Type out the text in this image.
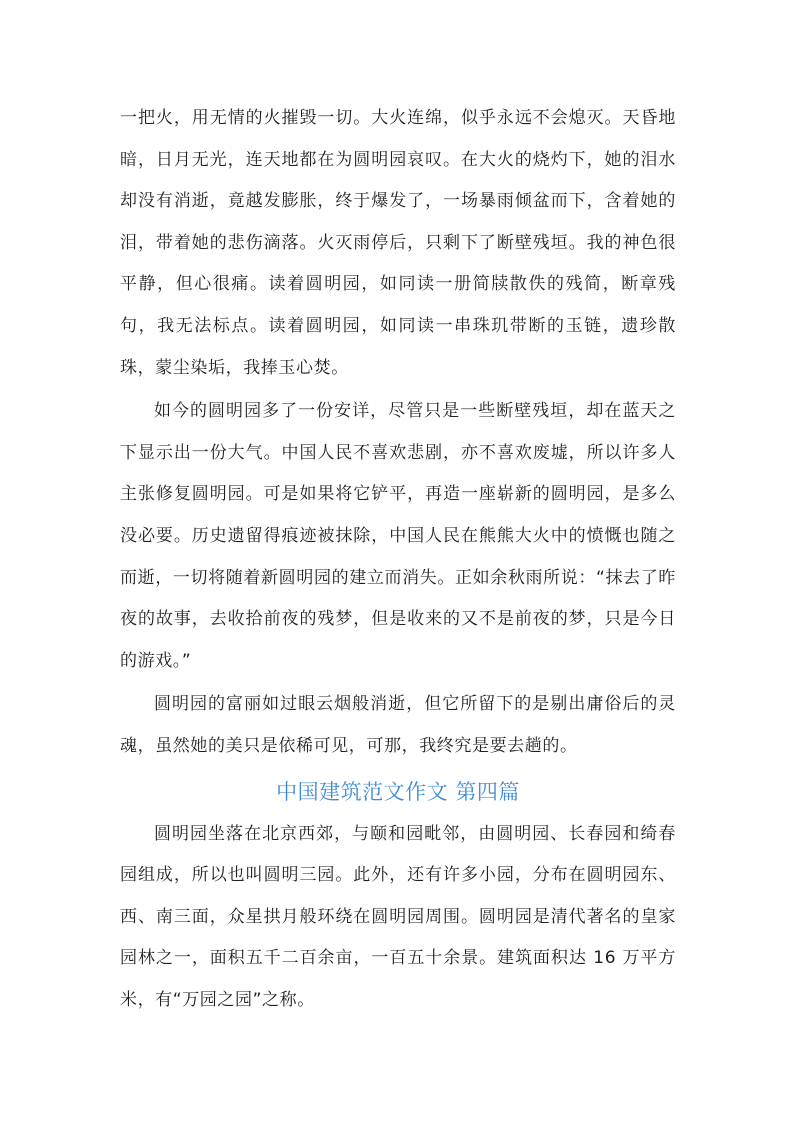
一把火，用无情的火摧毁一切。大火连绵，似乎永远不会熄灭。天昏地暗，日月无光，连天地都在为圆明园哀叹。在大火的烧灼下，她的泪水却没有消逝，竟越发膨胀，终于爆发了，一场暴雨倾盆而下，含着她的泪，带着她的悲伤滴落。火灭雨停后，只剩下了断壁残垣。我的神色很平静，但心很痛。读着圆明园，如同读一册简牍散佚的残简，断章残句，我无法标点。读着圆明园，如同读一串珠玑带断的玉链，遗珍散珠，蒙尘染垢，我捧玉心焚。

如今的圆明园多了一份安详，尽管只是一些断壁残垣，却在蓝天之下显示出一份大气。中国人民不喜欢悲剧，亦不喜欢废墟，所以许多人主张修复圆明园。可是如果将它铲平，再造一座崭新的圆明园，是多么没必要。历史遗留得痕迹被抹除，中国人民在熊熊大火中的愤慨也随之而逝，一切将随着新圆明园的建立而消失。正如余秋雨所说：“抹去了昨夜的故事，去收拾前夜的残梦，但是收来的又不是前夜的梦，只是今日的游戏。”

圆明园的富丽如过眼云烟般消逝，但它所留下的是剔出庸俗后的灵魂，虽然她的美只是依稀可见，可那，我终究是要去趟的。

中国建筑范文作文 第四篇

圆明园坐落在北京西郊，与颐和园毗邻，由圆明园、长春园和绮春园组成，所以也叫圆明三园。此外，还有许多小园，分布在圆明园东、西、南三面，众星拱月般环绕在圆明园周围。圆明园是清代著名的皇家园林之一，面积五千二百余亩，一百五十余景。建筑面积达 16 万平方米，有“万园之园”之称。
